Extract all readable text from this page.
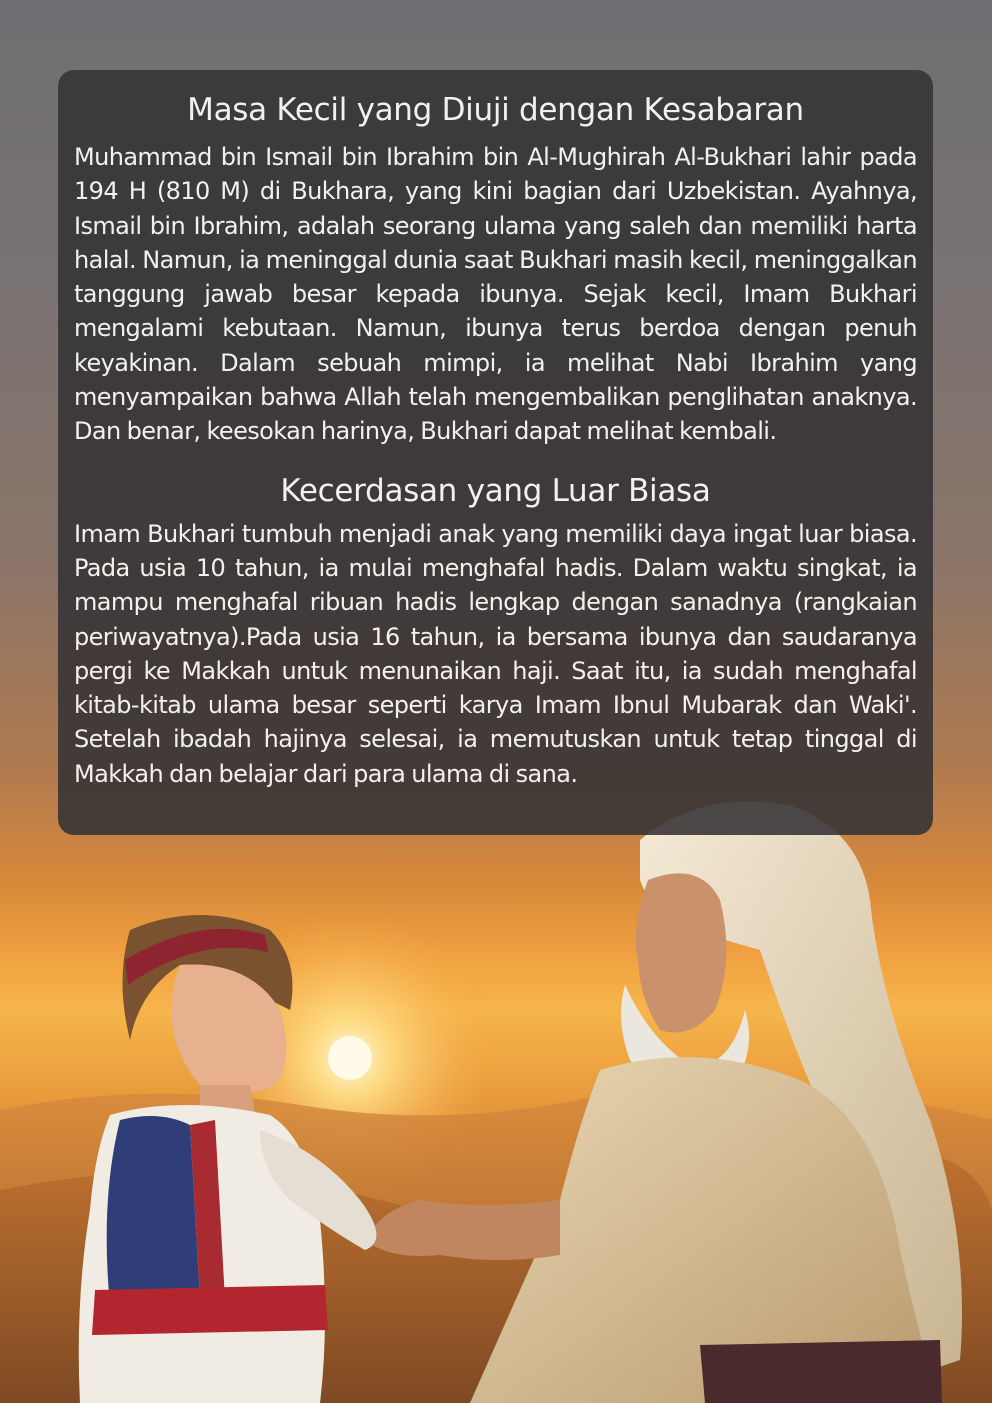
Masa Kecil yang Diuji dengan Kesabaran

Muhammad bin Ismail bin Ibrahim bin Al-Mughirah Al-Bukhari lahir pada 194 H (810 M) di Bukhara, yang kini bagian dari Uzbekistan. Ayahnya, Ismail bin Ibrahim, adalah seorang ulama yang saleh dan memiliki harta halal. Namun, ia meninggal dunia saat Bukhari masih kecil, meninggalkan tanggung jawab besar kepada ibunya. Sejak kecil, Imam Bukhari mengalami kebutaan. Namun, ibunya terus berdoa dengan penuh keyakinan. Dalam sebuah mimpi, ia melihat Nabi Ibrahim yang menyampaikan bahwa Allah telah mengembalikan penglihatan anaknya. Dan benar, keesokan harinya, Bukhari dapat melihat kembali.

Kecerdasan yang Luar Biasa

Imam Bukhari tumbuh menjadi anak yang memiliki daya ingat luar biasa. Pada usia 10 tahun, ia mulai menghafal hadis. Dalam waktu singkat, ia mampu menghafal ribuan hadis lengkap dengan sanadnya (rangkaian periwayatnya).Pada usia 16 tahun, ia bersama ibunya dan saudaranya pergi ke Makkah untuk menunaikan haji. Saat itu, ia sudah menghafal kitab-kitab ulama besar seperti karya Imam Ibnul Mubarak dan Waki'. Setelah ibadah hajinya selesai, ia memutuskan untuk tetap tinggal di Makkah dan belajar dari para ulama di sana.
